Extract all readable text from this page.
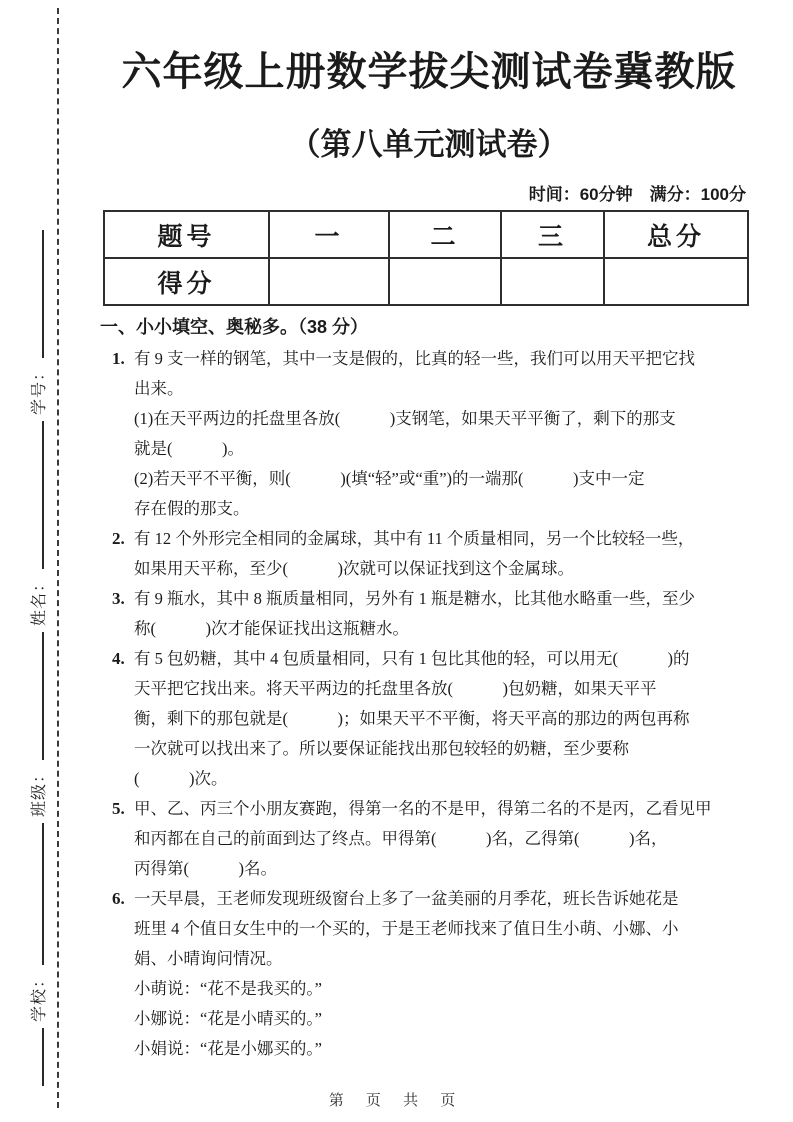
学校：
班级：
姓名：
学号：
六年级上册数学拔尖测试卷冀教版
（第八单元测试卷）
时间：60分钟　满分：100分
题号	一	二	三	总分
得分				
一、小小填空、奥秘多。（38 分）
1. 有 9 支一样的钢笔，其中一支是假的，比真的轻一些，我们可以用天平把它找
出来。
(1)在天平两边的托盘里各放(　　　)支钢笔，如果天平平衡了，剩下的那支
就是(　　　)。
(2)若天平不平衡，则(　　　)(填“轻”或“重”)的一端那(　　　)支中一定
存在假的那支。
2. 有 12 个外形完全相同的金属球，其中有 11 个质量相同，另一个比较轻一些，
如果用天平称，至少(　　　)次就可以保证找到这个金属球。
3. 有 9 瓶水，其中 8 瓶质量相同，另外有 1 瓶是糖水，比其他水略重一些，至少
称(　　　)次才能保证找出这瓶糖水。
4. 有 5 包奶糖，其中 4 包质量相同，只有 1 包比其他的轻，可以用无(　　　)的
天平把它找出来。将天平两边的托盘里各放(　　　)包奶糖，如果天平平
衡，剩下的那包就是(　　　)；如果天平不平衡，将天平高的那边的两包再称
一次就可以找出来了。所以要保证能找出那包较轻的奶糖，至少要称
(　　　)次。
5. 甲、乙、丙三个小朋友赛跑，得第一名的不是甲，得第二名的不是丙，乙看见甲
和丙都在自己的前面到达了终点。甲得第(　　　)名，乙得第(　　　)名，
丙得第(　　　)名。
6. 一天早晨，王老师发现班级窗台上多了一盆美丽的月季花，班长告诉她花是
班里 4 个值日女生中的一个买的，于是王老师找来了值日生小萌、小娜、小
娟、小晴询问情况。
小萌说：“花不是我买的。”
小娜说：“花是小晴买的。”
小娟说：“花是小娜买的。”
第 页 共 页
